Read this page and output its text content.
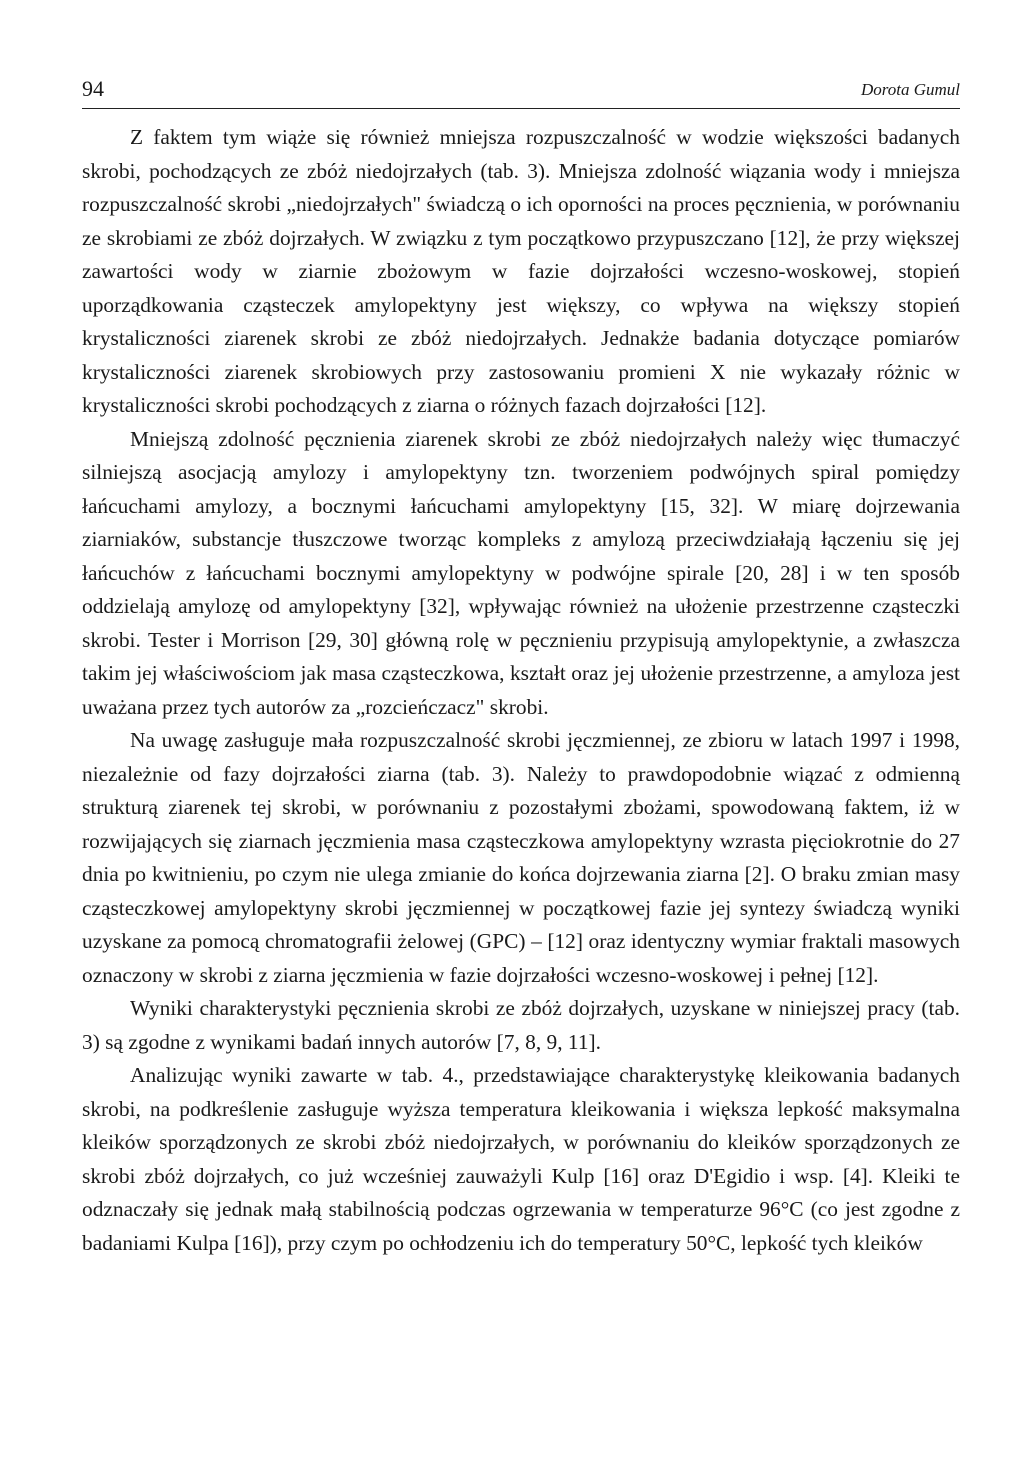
94	Dorota Gumul

Z faktem tym wiąże się również mniejsza rozpuszczalność w wodzie większości badanych skrobi, pochodzących ze zbóż niedojrzałych (tab. 3). Mniejsza zdolność wiązania wody i mniejsza rozpuszczalność skrobi „niedojrzałych" świadczą o ich oporności na proces pęcznienia, w porównaniu ze skrobiami ze zbóż dojrzałych. W związku z tym początkowo przypuszczano [12], że przy większej zawartości wody w ziarnie zbożowym w fazie dojrzałości wczesno-woskowej, stopień uporządkowania cząsteczek amylopektyny jest większy, co wpływa na większy stopień krystaliczności ziarenek skrobi ze zbóż niedojrzałych. Jednakże badania dotyczące pomiarów krystaliczności ziarenek skrobiowych przy zastosowaniu promieni X nie wykazały różnic w krystaliczności skrobi pochodzących z ziarna o różnych fazach dojrzałości [12].

Mniejszą zdolność pęcznienia ziarenek skrobi ze zbóż niedojrzałych należy więc tłumaczyć silniejszą asocjacją amylozy i amylopektyny tzn. tworzeniem podwójnych spiral pomiędzy łańcuchami amylozy, a bocznymi łańcuchami amylopektyny [15, 32]. W miarę dojrzewania ziarniaków, substancje tłuszczowe tworząc kompleks z amylozą przeciwdziałają łączeniu się jej łańcuchów z łańcuchami bocznymi amylopektyny w podwójne spirale [20, 28] i w ten sposób oddzielają amylozę od amylopektyny [32], wpływając również na ułożenie przestrzenne cząsteczki skrobi. Tester i Morrison [29, 30] główną rolę w pęcznieniu przypisują amylopektynie, a zwłaszcza takim jej właściwościom jak masa cząsteczkowa, kształt oraz jej ułożenie przestrzenne, a amyloza jest uważana przez tych autorów za „rozcieńczacz" skrobi.

Na uwagę zasługuje mała rozpuszczalność skrobi jęczmiennej, ze zbioru w latach 1997 i 1998, niezależnie od fazy dojrzałości ziarna (tab. 3). Należy to prawdopodobnie wiązać z odmienną strukturą ziarenek tej skrobi, w porównaniu z pozostałymi zbożami, spowodowaną faktem, iż w rozwijających się ziarnach jęczmienia masa cząsteczkowa amylopektyny wzrasta pięciokrotnie do 27 dnia po kwitnieniu, po czym nie ulega zmianie do końca dojrzewania ziarna [2]. O braku zmian masy cząsteczkowej amylopektyny skrobi jęczmiennej w początkowej fazie jej syntezy świadczą wyniki uzyskane za pomocą chromatografii żelowej (GPC) – [12] oraz identyczny wymiar fraktali masowych oznaczony w skrobi z ziarna jęczmienia w fazie dojrzałości wczesno-woskowej i pełnej [12].

Wyniki charakterystyki pęcznienia skrobi ze zbóż dojrzałych, uzyskane w niniejszej pracy (tab. 3) są zgodne z wynikami badań innych autorów [7, 8, 9, 11].

Analizując wyniki zawarte w tab. 4., przedstawiające charakterystykę kleikowania badanych skrobi, na podkreślenie zasługuje wyższa temperatura kleikowania i większa lepkość maksymalna kleików sporządzonych ze skrobi zbóż niedojrzałych, w porównaniu do kleików sporządzonych ze skrobi zbóż dojrzałych, co już wcześniej zauważyli Kulp [16] oraz D'Egidio i wsp. [4]. Kleiki te odznaczały się jednak małą stabilnością podczas ogrzewania w temperaturze 96°C (co jest zgodne z badaniami Kulpa [16]), przy czym po ochłodzeniu ich do temperatury 50°C, lepkość tych kleików
